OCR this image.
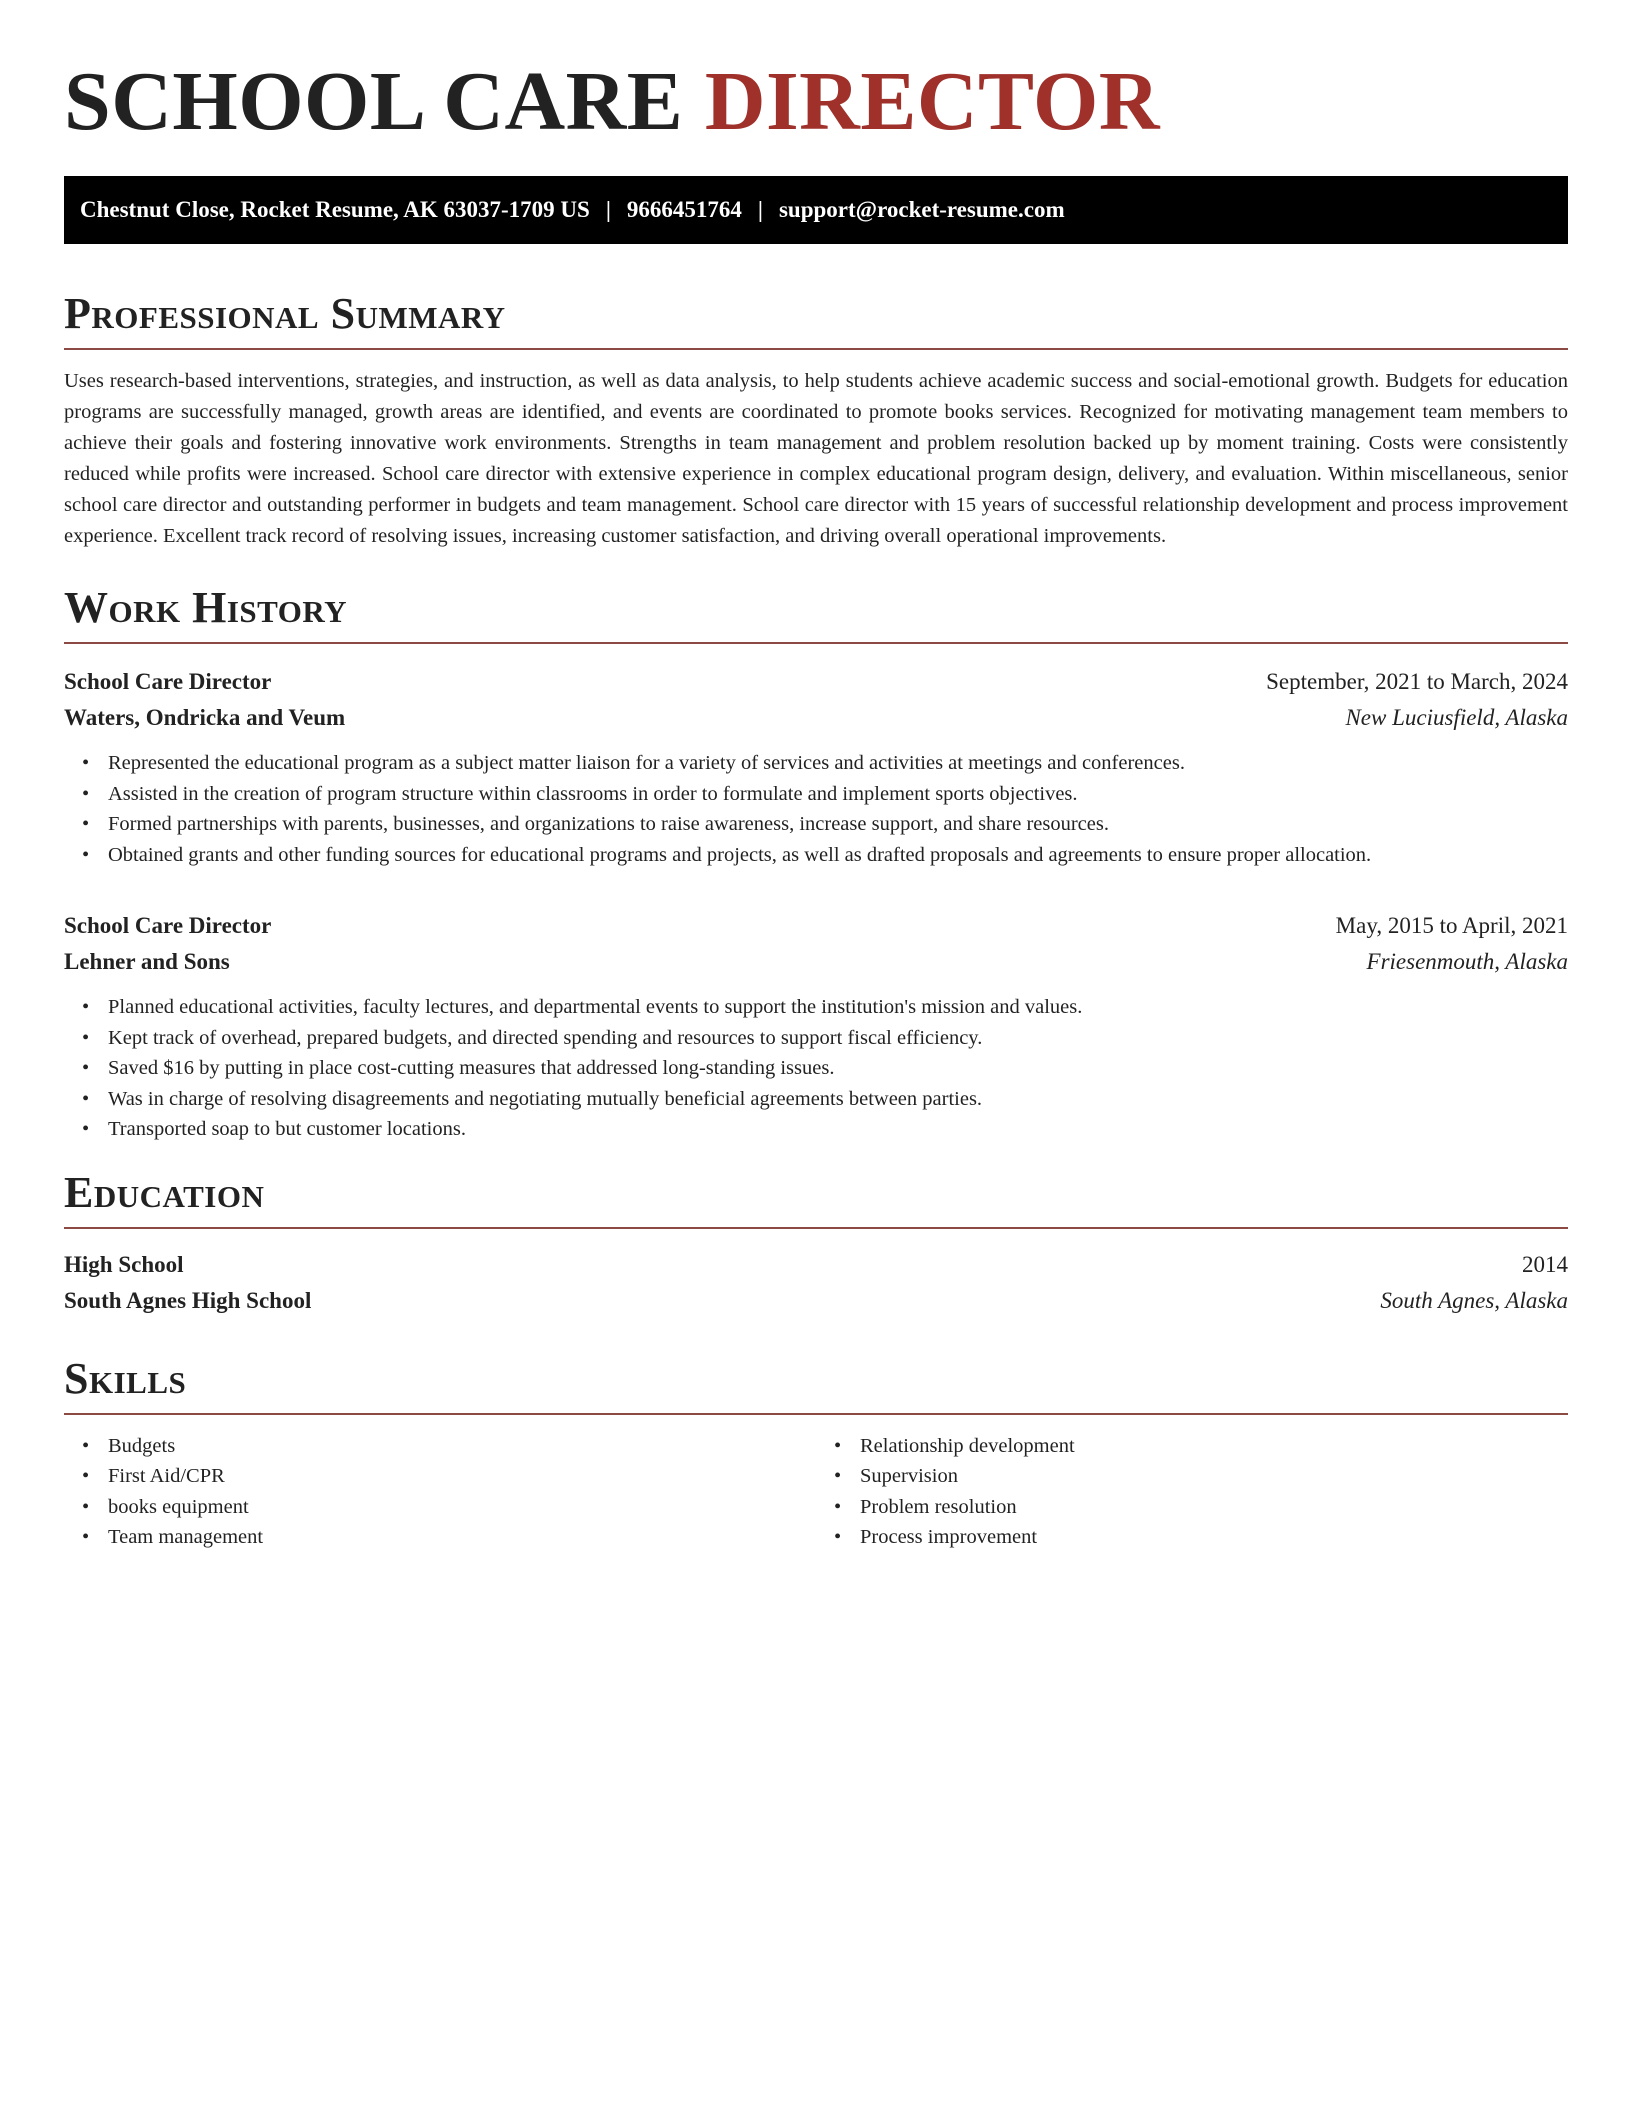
SCHOOL CARE DIRECTOR
Chestnut Close, Rocket Resume, AK 63037-1709 US | 9666451764 | support@rocket-resume.com
Professional Summary

Uses research-based interventions, strategies, and instruction, as well as data analysis, to help students achieve academic success and social-emotional growth. Budgets for education programs are successfully managed, growth areas are identified, and events are coordinated to promote books services. Recognized for motivating management team members to achieve their goals and fostering innovative work environments. Strengths in team management and problem resolution backed up by moment training. Costs were consistently reduced while profits were increased. School care director with extensive experience in complex educational program design, delivery, and evaluation. Within miscellaneous, senior school care director and outstanding performer in budgets and team management. School care director with 15 years of successful relationship development and process improvement experience. Excellent track record of resolving issues, increasing customer satisfaction, and driving overall operational improvements.

Work History
School Care Director	September, 2021 to March, 2024
Waters, Ondricka and Veum	New Luciusfield, Alaska
• Represented the educational program as a subject matter liaison for a variety of services and activities at meetings and conferences.
• Assisted in the creation of program structure within classrooms in order to formulate and implement sports objectives.
• Formed partnerships with parents, businesses, and organizations to raise awareness, increase support, and share resources.
• Obtained grants and other funding sources for educational programs and projects, as well as drafted proposals and agreements to ensure proper allocation.
School Care Director	May, 2015 to April, 2021
Lehner and Sons	Friesenmouth, Alaska
• Planned educational activities, faculty lectures, and departmental events to support the institution's mission and values.
• Kept track of overhead, prepared budgets, and directed spending and resources to support fiscal efficiency.
• Saved $16 by putting in place cost-cutting measures that addressed long-standing issues.
• Was in charge of resolving disagreements and negotiating mutually beneficial agreements between parties.
• Transported soap to but customer locations.
Education
High School	2014
South Agnes High School	South Agnes, Alaska
Skills
• Budgets
• First Aid/CPR
• books equipment
• Team management
• Relationship development
• Supervision
• Problem resolution
• Process improvement
